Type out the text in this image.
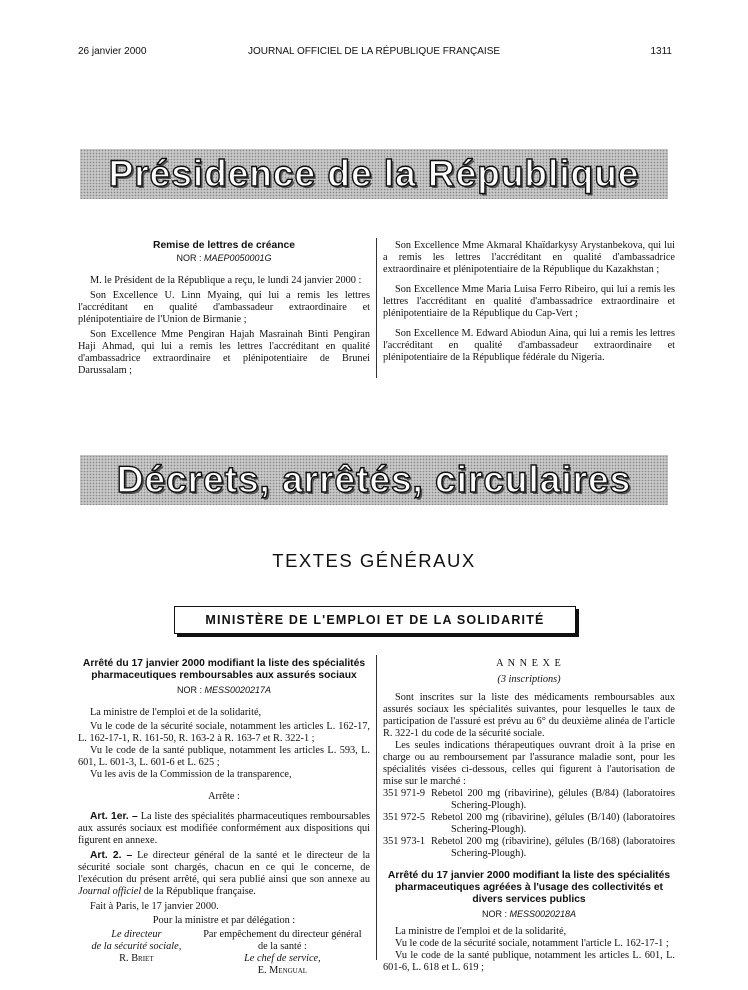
26 janvier 2000	JOURNAL OFFICIEL DE LA RÉPUBLIQUE FRANÇAISE	1311
Présidence de la République
Remise de lettres de créance
NOR : MAEP0050001G

M. le Président de la République a reçu, le lundi 24 janvier 2000 :

Son Excellence U. Linn Myaing, qui lui a remis les lettres l'accréditant en qualité d'ambassadeur extraordinaire et plénipotentiaire de l'Union de Birmanie ;

Son Excellence Mme Pengiran Hajah Masrainah Binti Pengiran Haji Ahmad, qui lui a remis les lettres l'accréditant en qualité d'ambassadrice extraordinaire et plénipotentiaire de Brunei Darussalam ;

Son Excellence Mme Akmaral Khaïdarkysy Arystanbekova, qui lui a remis les lettres l'accréditant en qualité d'ambassadrice extraordinaire et plénipotentiaire de la République du Kazakhstan ;

Son Excellence Mme Maria Luisa Ferro Ribeiro, qui lui a remis les lettres l'accréditant en qualité d'ambassadrice extraordinaire et plénipotentiaire de la République du Cap-Vert ;

Son Excellence M. Edward Abiodun Aina, qui lui a remis les lettres l'accréditant en qualité d'ambassadeur extraordinaire et plénipotentiaire de la République fédérale du Nigeria.

Décrets, arrêtés, circulaires
TEXTES GÉNÉRAUX
MINISTÈRE DE L'EMPLOI ET DE LA SOLIDARITÉ
Arrêté du 17 janvier 2000 modifiant la liste des spécialités pharmaceutiques remboursables aux assurés sociaux
NOR : MESS0020217A

La ministre de l'emploi et de la solidarité,

Vu le code de la sécurité sociale, notamment les articles L. 162-17, L. 162-17-1, R. 161-50, R. 163-2 à R. 163-7 et R. 322-1 ;

Vu le code de la santé publique, notamment les articles L. 593, L. 601, L. 601-3, L. 601-6 et L. 625 ;

Vu les avis de la Commission de la transparence,

Arrête :

Art. 1er. – La liste des spécialités pharmaceutiques remboursables aux assurés sociaux est modifiée conformément aux dispositions qui figurent en annexe.

Art. 2. – Le directeur général de la santé et le directeur de la sécurité sociale sont chargés, chacun en ce qui le concerne, de l'exécution du présent arrêté, qui sera publié ainsi que son annexe au Journal officiel de la République française.

Fait à Paris, le 17 janvier 2000.

Pour la ministre et par délégation :
Le directeur
de la sécurité sociale,
R. Briet
Par empêchement du directeur général
de la santé :
Le chef de service,
E. Mengual
A N N E X E
(3 inscriptions)

Sont inscrites sur la liste des médicaments remboursables aux assurés sociaux les spécialités suivantes, pour lesquelles le taux de participation de l'assuré est prévu au 6° du deuxième alinéa de l'article R. 322-1 du code de la sécurité sociale.

Les seules indications thérapeutiques ouvrant droit à la prise en charge ou au remboursement par l'assurance maladie sont, pour les spécialités visées ci-dessous, celles qui figurent à l'autorisation de mise sur le marché :

351 971-9 Rebetol 200 mg (ribavirine), gélules (B/84) (laboratoires Schering-Plough).
351 972-5 Rebetol 200 mg (ribavirine), gélules (B/140) (laboratoires Schering-Plough).
351 973-1 Rebetol 200 mg (ribavirine), gélules (B/168) (laboratoires Schering-Plough).
Arrêté du 17 janvier 2000 modifiant la liste des spécialités pharmaceutiques agréées à l'usage des collectivités et divers services publics
NOR : MESS0020218A

La ministre de l'emploi et de la solidarité,

Vu le code de la sécurité sociale, notamment l'article L. 162-17-1 ;

Vu le code de la santé publique, notamment les articles L. 601, L. 601-6, L. 618 et L. 619 ;
